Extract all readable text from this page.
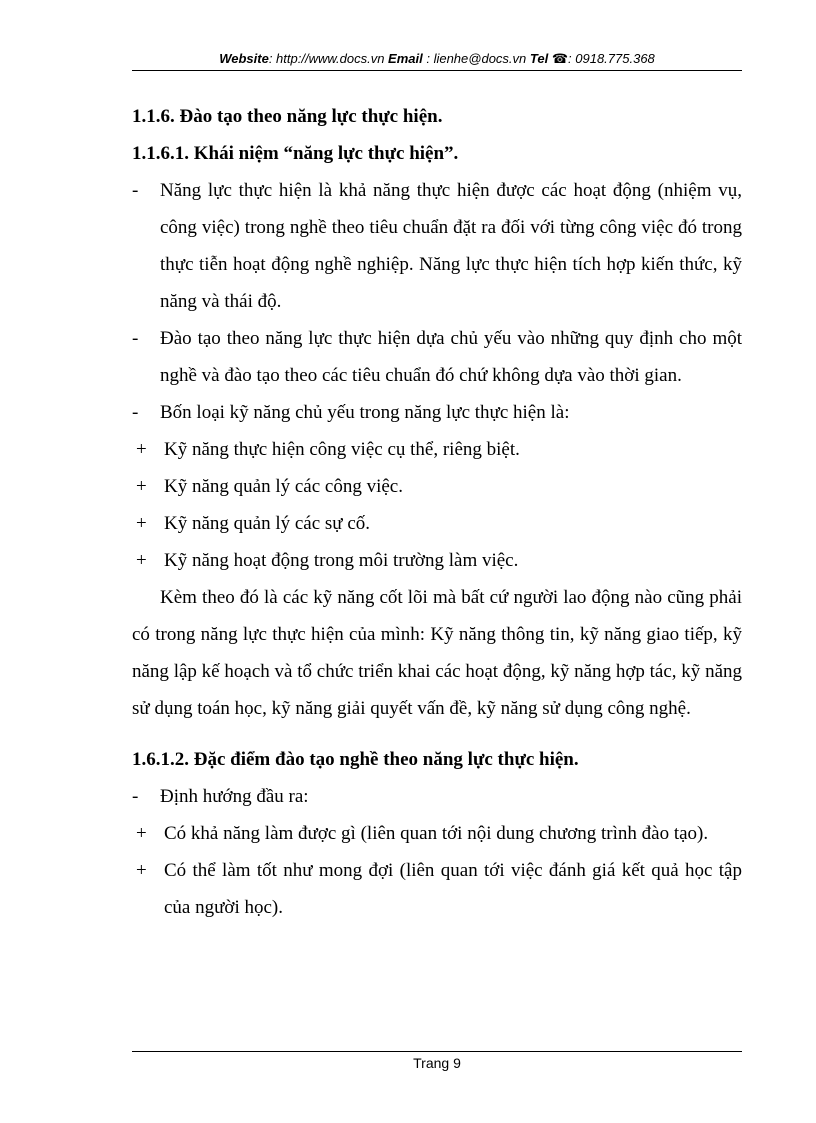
Website: http://www.docs.vn Email : lienhe@docs.vn Tel ☎: 0918.775.368

1.1.6. Đào tạo theo năng lực thực hiện.

1.1.6.1. Khái niệm “năng lực thực hiện”.

-	Năng lực thực hiện là khả năng thực hiện được các hoạt động (nhiệm vụ, công việc) trong nghề theo tiêu chuẩn đặt ra đối với từng công việc đó trong thực tiễn hoạt động nghề nghiệp. Năng lực thực hiện tích hợp kiến thức, kỹ năng và thái độ.
-	Đào tạo theo năng lực thực hiện dựa chủ yếu vào những quy định cho một nghề và đào tạo theo các tiêu chuẩn đó chứ không dựa vào thời gian.
-	Bốn loại kỹ năng chủ yếu trong năng lực thực hiện là:
+ Kỹ năng thực hiện công việc cụ thể, riêng biệt.
+ Kỹ năng quản lý các công việc.
+ Kỹ năng quản lý các sự cố.
+ Kỹ năng hoạt động trong môi trường làm việc.

Kèm theo đó là các kỹ năng cốt lõi mà bất cứ người lao động nào cũng phải có trong năng lực thực hiện của mình: Kỹ năng thông tin, kỹ năng giao tiếp, kỹ năng lập kế hoạch và tổ chức triển khai các hoạt động, kỹ năng hợp tác, kỹ năng sử dụng toán học, kỹ năng giải quyết vấn đề, kỹ năng sử dụng công nghệ.

1.6.1.2. Đặc điểm đào tạo nghề theo năng lực thực hiện.

-	Định hướng đầu ra:
+ Có khả năng làm được gì (liên quan tới nội dung chương trình đào tạo).
+ Có thể làm tốt như mong đợi (liên quan tới việc đánh giá kết quả học tập của người học).
Trang 9
